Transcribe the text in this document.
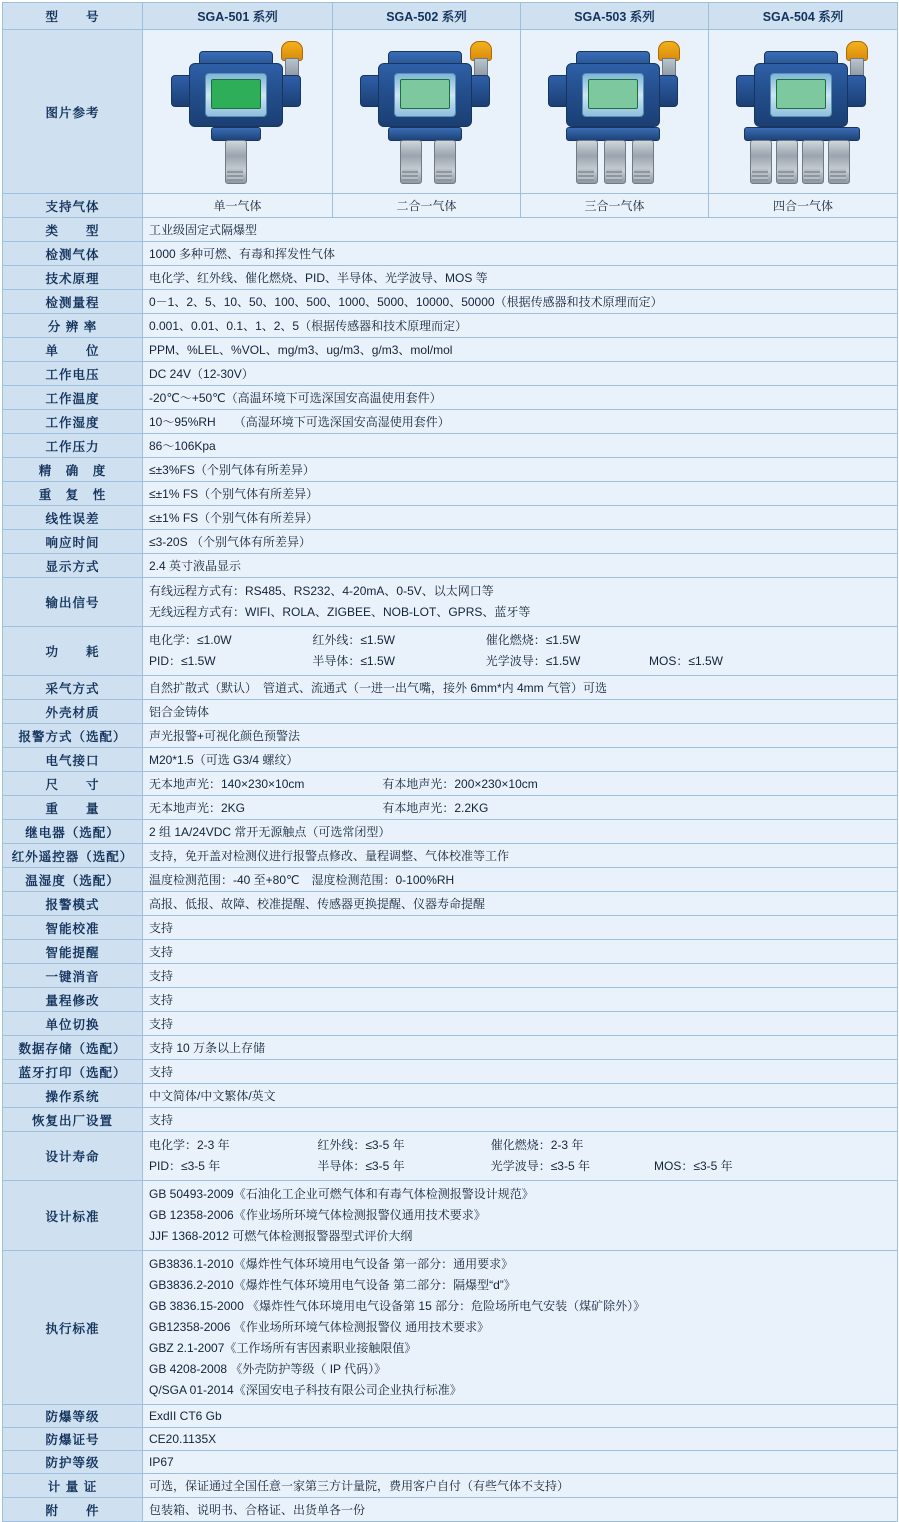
型　　号	SGA-501 系列	SGA-502 系列	SGA-503 系列	SGA-504 系列
图片参考	

支持气体	单一气体	二合一气体	三合一气体	四合一气体
类　　型	工业级固定式隔爆型			
检测气体	1000 多种可燃、有毒和挥发性气体			
技术原理	电化学、红外线、催化燃烧、PID、半导体、光学波导、MOS 等			
检测量程	0－1、2、5、10、50、100、500、1000、5000、10000、50000（根据传感器和技术原理而定）			
分 辨 率	0.001、0.01、0.1、1、2、5（根据传感器和技术原理而定）			
单　　位	PPM、%LEL、%VOL、mg/m3、ug/m3、g/m3、mol/mol			
工作电压	DC 24V（12-30V）			
工作温度	-20℃～+50℃（高温环境下可选深国安高温使用套件）			
工作湿度	10～95%RH　　（高湿环境下可选深国安高湿使用套件）			
工作压力	86～106Kpa			
精　确　度	≤±3%FS（个别气体有所差异）			
重　复　性	≤±1% FS（个别气体有所差异）			
线性误差	≤±1% FS（个别气体有所差异）			
响应时间	≤3-20S （个别气体有所差异）			
显示方式	2.4 英寸液晶显示			
输出信号	有线远程方式有：RS485、RS232、4-20mA、0-5V、以太网口等
无线远程方式有：WIFI、ROLA、ZIGBEE、NOB-LOT、GPRS、蓝牙等			

功　　耗	电化学：≤1.0W 红外线：≤1.5W 催化燃烧：≤1.5W
PID：≤1.5W 半导体：≤1.5W 光学波导：≤1.5W MOS：≤1.5W			

采气方式	自然扩散式（默认）　管道式、流通式（一进一出气嘴，接外 6mm*内 4mm 气管）可选			
外壳材质	铝合金铸体			
报警方式（选配）	声光报警+可视化颜色预警法			
电气接口	M20*1.5（可选 G3/4 螺纹）			
尺　　寸	无本地声光：140×230×10cm 有本地声光：200×230×10cm			
重　　量	无本地声光：2KG 有本地声光：2.2KG			
继电器（选配）	2 组 1A/24VDC 常开无源触点（可选常闭型）			
红外遥控器（选配）	支持，免开盖对检测仪进行报警点修改、量程调整、气体校准等工作			
温湿度（选配）	温度检测范围：-40 至+80℃　湿度检测范围：0-100%RH			
报警模式	高报、低报、故障、校准提醒、传感器更换提醒、仪器寿命提醒			
智能校准	支持			
智能提醒	支持			
一键消音	支持			
量程修改	支持			
单位切换	支持			
数据存储（选配）	支持 10 万条以上存储			
蓝牙打印（选配）	支持			
操作系统	中文简体/中文繁体/英文			
恢复出厂设置	支持			
设计寿命	电化学：2-3 年 红外线：≤3-5 年 催化燃烧：2-3 年
PID：≤3-5 年 半导体：≤3-5 年 光学波导：≤3-5 年 MOS：≤3-5 年			

设计标准	GB 50493-2009《石油化工企业可燃气体和有毒气体检测报警设计规范》
GB 12358-2006《作业场所环境气体检测报警仪通用技术要求》
JJF 1368-2012 可燃气体检测报警器型式评价大纲			

执行标准	
GB3836.1-2010《爆炸性气体环境用电气设备 第一部分：通用要求》
GB3836.2-2010《爆炸性气体环境用电气设备 第二部分：隔爆型“d”》
GB 3836.15-2000 《爆炸性气体环境用电气设备第 15 部分：危险场所电气安装（煤矿除外）》
GB12358-2006 《作业场所环境气体检测报警仪 通用技术要求》
GBZ 2.1-2007《工作场所有害因素职业接触限值》
GB 4208-2008 《外壳防护等级（ IP 代码）》
Q/SGA 01-2014《深国安电子科技有限公司企业执行标准》

防爆等级	ExdII CT6 Gb			
防爆证号	CE20.1135X			
防护等级	IP67			
计 量 证	可选，保证通过全国任意一家第三方计量院，费用客户自付（有些气体不支持）			
附　　件	包装箱、说明书、合格证、出货单各一份			
